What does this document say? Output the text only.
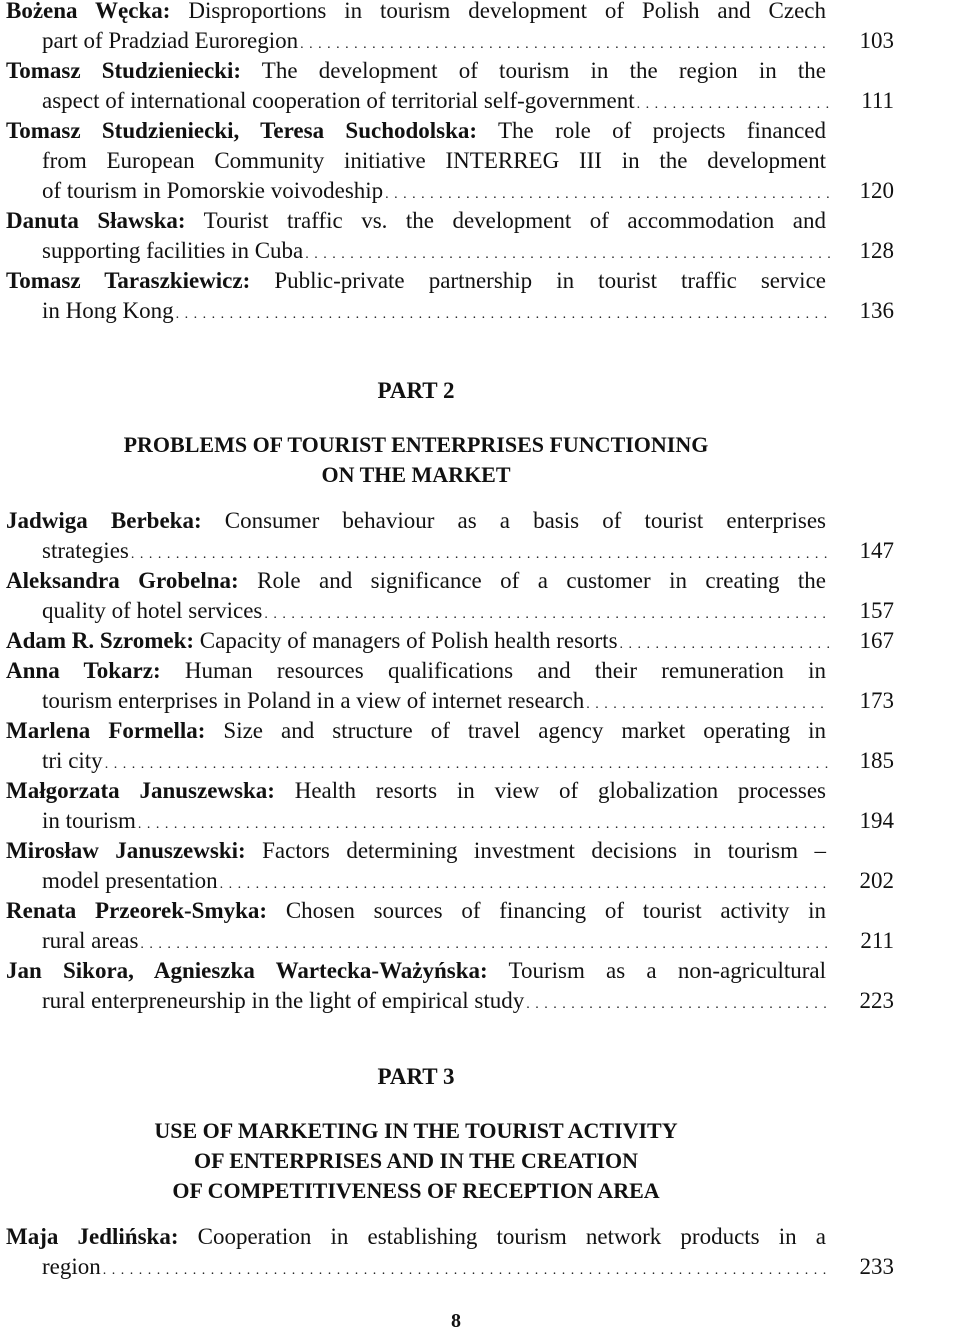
Bożena Węcka: Disproportions in tourism development of Polish and Czech
part of Pradziad Euroregion . . .	103
Tomasz Studzieniecki: The development of tourism in the region in the
aspect of international cooperation of territorial self-government . . .	111
Tomasz Studzieniecki, Teresa Suchodolska: The role of projects financed
from European Community initiative INTERREG III in the development
of tourism in Pomorskie voivodeship . . .	120
Danuta Sławska: Tourist traffic vs. the development of accommodation and
supporting facilities in Cuba . . .	128
Tomasz Taraszkiewicz: Public-private partnership in tourist traffic service
in Hong Kong . . .	136
PART 2
PROBLEMS OF TOURIST ENTERPRISES FUNCTIONING
ON THE MARKET
Jadwiga Berbeka: Consumer behaviour as a basis of tourist enterprises
strategies . . .	147
Aleksandra Grobelna: Role and significance of a customer in creating the
quality of hotel services . . .	157
Adam R. Szromek: Capacity of managers of Polish health resorts . . .	167
Anna Tokarz: Human resources qualifications and their remuneration in
tourism enterprises in Poland in a view of internet research . . .	173
Marlena Formella: Size and structure of travel agency market operating in
tri city . . .	185
Małgorzata Januszewska: Health resorts in view of globalization processes
in tourism . . .	194
Mirosław Januszewski: Factors determining investment decisions in tourism –
model presentation . . .	202
Renata Przeorek-Smyka: Chosen sources of financing of tourist activity in
rural areas . . .	211
Jan Sikora, Agnieszka Wartecka-Ważyńska: Tourism as a non-agricultural
rural enterpreneurship in the light of empirical study . . .	223
PART 3
USE OF MARKETING IN THE TOURIST ACTIVITY
OF ENTERPRISES AND IN THE CREATION
OF COMPETITIVENESS OF RECEPTION AREA
Maja Jedlińska: Cooperation in establishing tourism network products in a
region . . .	233
8
